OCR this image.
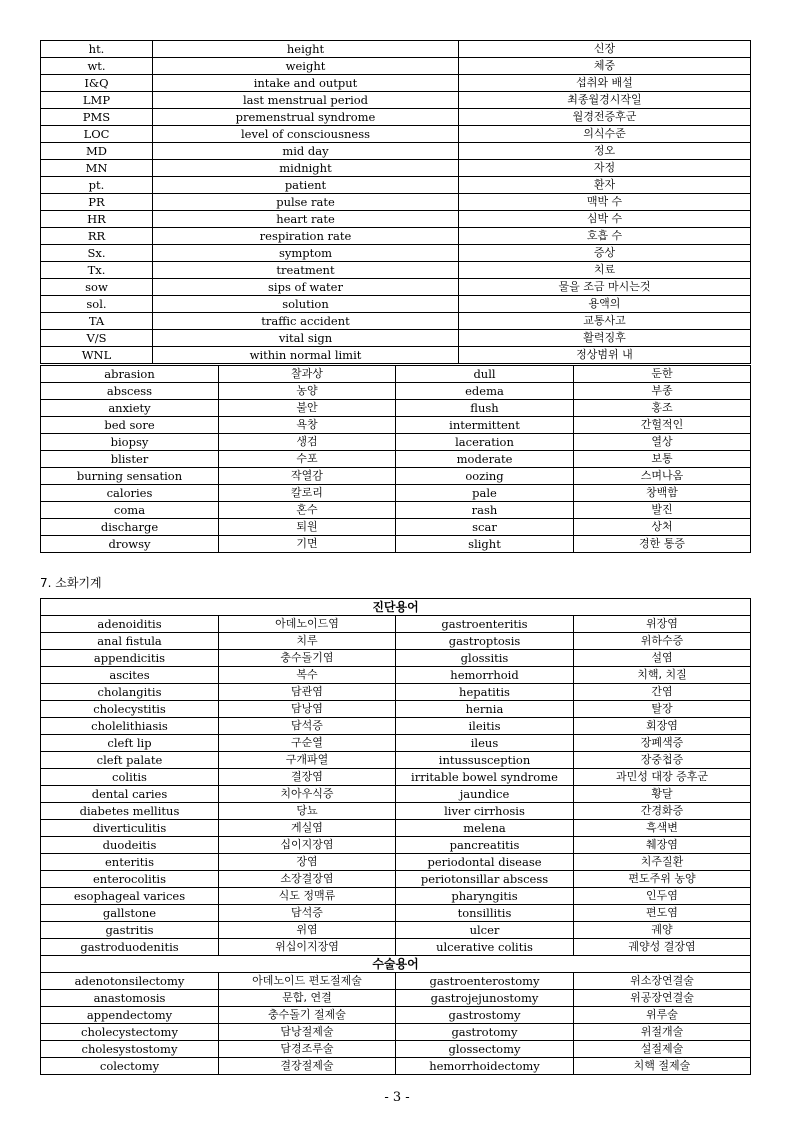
ht.	height	신장
wt.	weight	체중
I&Q	intake and output	섭취와 배설
LMP	last menstrual period	최종월경시작일
PMS	premenstrual syndrome	월경전증후군
LOC	level of consciousness	의식수준
MD	mid day	정오
MN	midnight	자정
pt.	patient	환자
PR	pulse rate	맥박 수
HR	heart rate	심박 수
RR	respiration rate	호흡 수
Sx.	symptom	증상
Tx.	treatment	치료
sow	sips of water	물을 조금 마시는것
sol.	solution	용액의
TA	traffic accident	교통사고
V/S	vital sign	활력징후
WNL	within normal limit	정상범위 내
abrasion	찰과상	dull	둔한
abscess	농양	edema	부종
anxiety	불안	flush	홍조
bed sore	욕창	intermittent	간헐적인
biopsy	생검	laceration	열상
blister	수포	moderate	보통
burning sensation	작열감	oozing	스며나옴
calories	칼로리	pale	창백함
coma	혼수	rash	발진
discharge	퇴원	scar	상처
drowsy	기면	slight	경한 통증
7. 소화기계
진단용어			
adenoiditis	아데노이드염	gastroenteritis	위장염
anal fistula	치루	gastroptosis	위하수증
appendicitis	충수돌기염	glossitis	설염
ascites	복수	hemorrhoid	치핵, 치질
cholangitis	담관염	hepatitis	간염
cholecystitis	담낭염	hernia	탈장
cholelithiasis	담석증	ileitis	회장염
cleft lip	구순열	ileus	장폐색증
cleft palate	구개파열	intussusception	장중첩증
colitis	결장염	irritable bowel syndrome	과민성 대장 증후군
dental caries	치아우식증	jaundice	황달
diabetes mellitus	당뇨	liver cirrhosis	간경화증
diverticulitis	게실염	melena	흑색변
duodeitis	십이지장염	pancreatitis	췌장염
enteritis	장염	periodontal disease	치주질환
enterocolitis	소장결장염	periotonsillar abscess	편도주위 농양
esophageal varices	식도 정맥류	pharyngitis	인두염
gallstone	담석증	tonsillitis	편도염
gastritis	위염	ulcer	궤양
gastroduodenitis	위십이지장염	ulcerative colitis	궤양성 결장염
수술용어			
adenotonsilectomy	아데노이드 편도절제술	gastroenterostomy	위소장연결술
anastomosis	문합, 연결	gastrojejunostomy	위공장연결술
appendectomy	충수돌기 절제술	gastrostomy	위루술
cholecystectomy	담낭절제술	gastrotomy	위절개술
cholesystostomy	담경조루술	glossectomy	설절제술
colectomy	결장절제술	hemorrhoidectomy	치핵 절제술
- 3 -
